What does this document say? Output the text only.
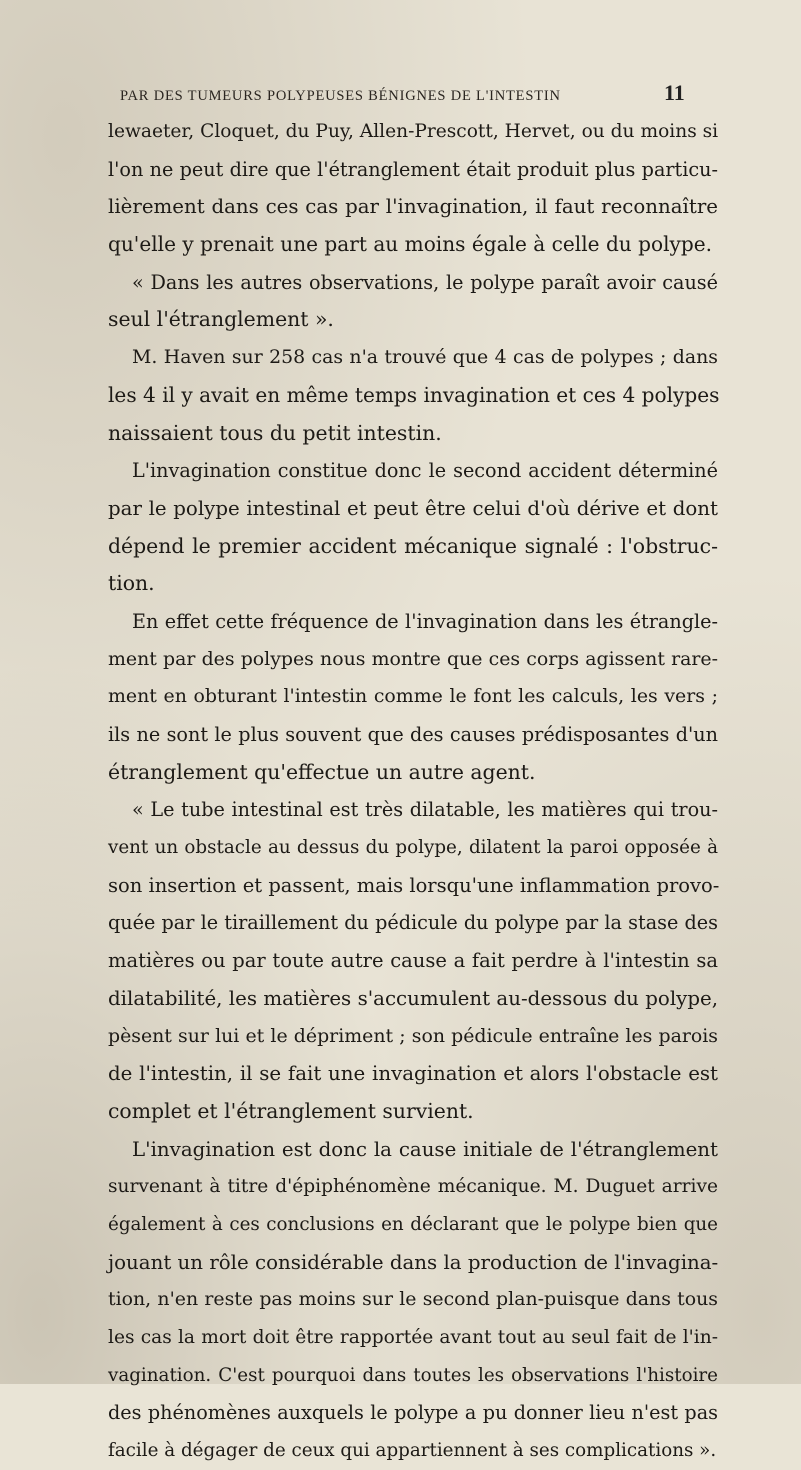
PAR DES TUMEURS POLYPEUSES BÉNIGNES DE L'INTESTIN	11
lewaeter, Cloquet, du Puy, Allen-Prescott, Hervet, ou du moins si
l'on ne peut dire que l'étranglement était produit plus particu-
lièrement dans ces cas par l'invagination, il faut reconnaître
qu'elle y prenait une part au moins égale à celle du polype.
« Dans les autres observations, le polype paraît avoir causé
seul l'étranglement ».
M. Haven sur 258 cas n'a trouvé que 4 cas de polypes ; dans
les 4 il y avait en même temps invagination et ces 4 polypes
naissaient tous du petit intestin.
L'invagination constitue donc le second accident déterminé
par le polype intestinal et peut être celui d'où dérive et dont
dépend le premier accident mécanique signalé : l'obstruc-
tion.
En effet cette fréquence de l'invagination dans les étrangle-
ment par des polypes nous montre que ces corps agissent rare-
ment en obturant l'intestin comme le font les calculs, les vers ;
ils ne sont le plus souvent que des causes prédisposantes d'un
étranglement qu'effectue un autre agent.
« Le tube intestinal est très dilatable, les matières qui trou-
vent un obstacle au dessus du polype, dilatent la paroi opposée à
son insertion et passent, mais lorsqu'une inflammation provo-
quée par le tiraillement du pédicule du polype par la stase des
matières ou par toute autre cause a fait perdre à l'intestin sa
dilatabilité, les matières s'accumulent au-dessous du polype,
pèsent sur lui et le dépriment ; son pédicule entraîne les parois
de l'intestin, il se fait une invagination et alors l'obstacle est
complet et l'étranglement survient.
L'invagination est donc la cause initiale de l'étranglement
survenant à titre d'épiphénomène mécanique. M. Duguet arrive
également à ces conclusions en déclarant que le polype bien que
jouant un rôle considérable dans la production de l'invagina-
tion, n'en reste pas moins sur le second plan-puisque dans tous
les cas la mort doit être rapportée avant tout au seul fait de l'in-
vagination. C'est pourquoi dans toutes les observations l'histoire
des phénomènes auxquels le polype a pu donner lieu n'est pas
facile à dégager de ceux qui appartiennent à ses complications ».
